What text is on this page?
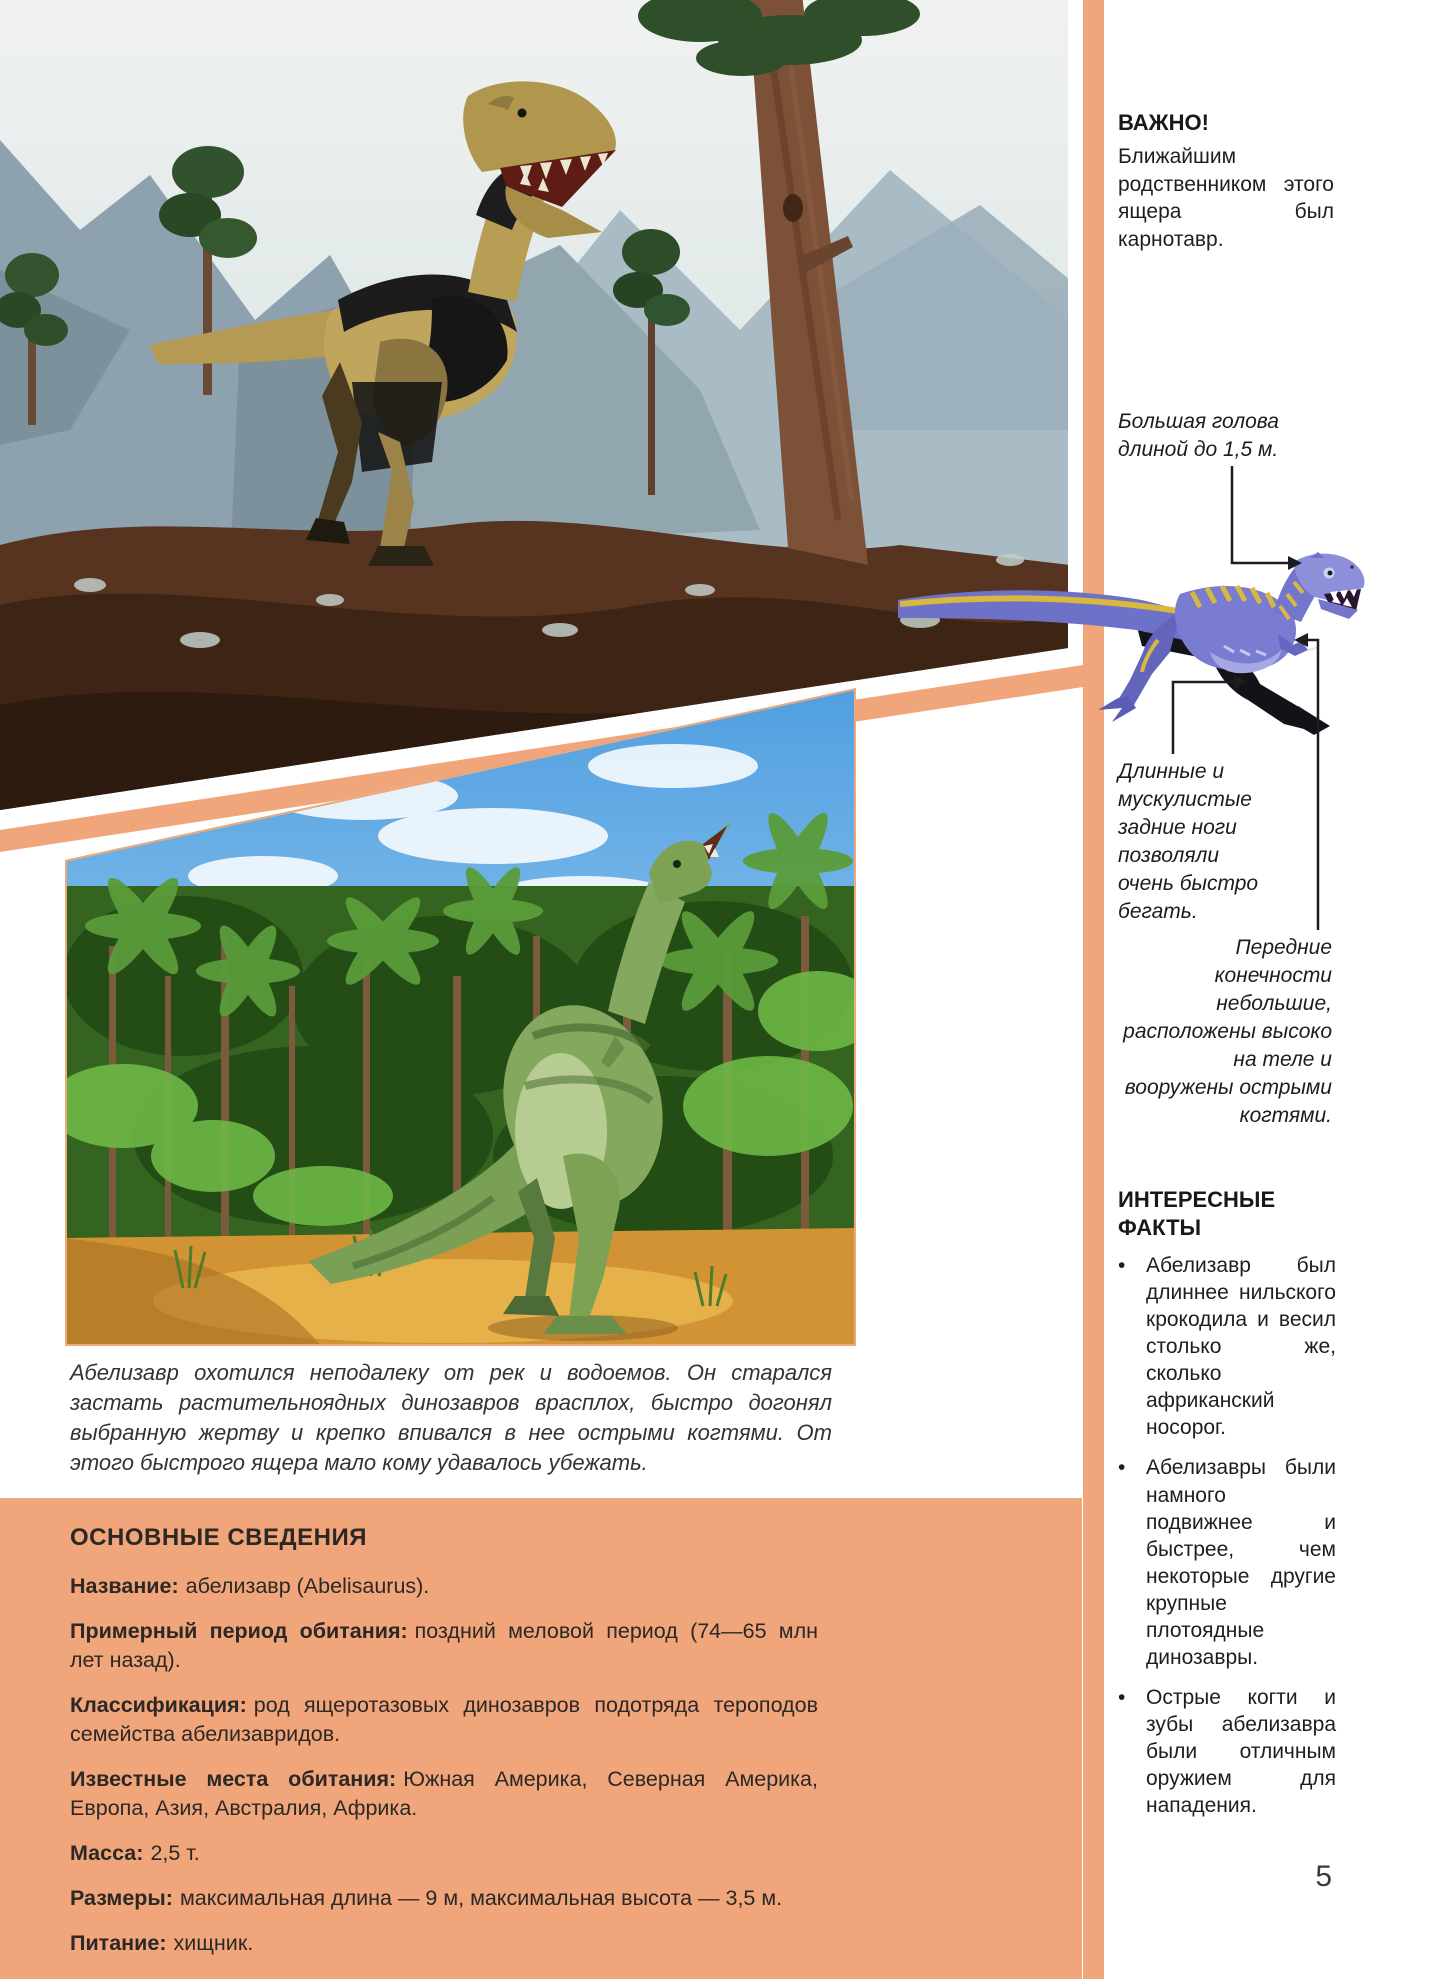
Абелизавр охотился неподалеку от рек и водоемов. Он старался застать растительноядных динозавров врасплох, быстро догонял выбранную жертву и крепко впивался в нее острыми когтями. От этого быстрого ящера мало кому удавалось убежать.

ОСНОВНЫЕ СВЕДЕНИЯ

Название: абелизавр (Abelisaurus).

Примерный период обитания: поздний меловой период (74—65 млн лет назад).

Классификация: род ящеротазовых динозавров подотряда тероподов семейства абелизавридов.

Известные места обитания: Южная Америка, Северная Америка, Европа, Азия, Австралия, Африка.

Масса: 2,5 т.

Размеры: максимальная длина — 9 м, максимальная высота — 3,5 м.

Питание: хищник.

ВАЖНО!

Ближайшим родственником этого ящера был карнотавр.

Большая голова длиной до 1,5 м.
Длинные и мускулистые задние ноги позволяли очень быстро бегать.
Передние конечности небольшие, расположены высоко на теле и вооружены острыми когтями.
ИНТЕРЕСНЫЕ ФАКТЫ
• Абелизавр был длиннее нильского крокодила и весил столько же, сколько африканский носорог.
• Абелизавры были намного подвижнее и быстрее, чем некоторые другие крупные плотоядные динозавры.
• Острые когти и зубы абелизавра были отличным оружием для нападения.
5
